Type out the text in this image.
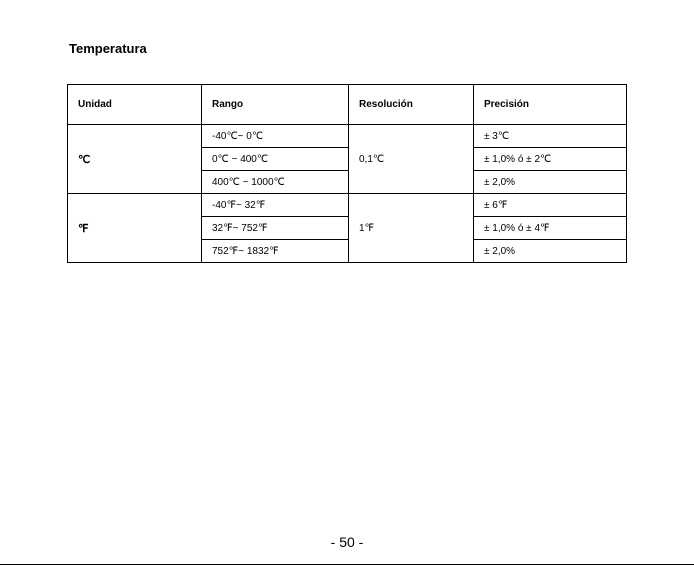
Temperatura
Unidad	Rango	Resolución	Precisión
℃	-40℃~ 0℃	0,1℃	± 3℃
	0℃ ~ 400℃		± 1,0% ó ± 2℃
	400℃ ~ 1000℃		± 2,0%
℉	-40℉~ 32℉	1℉	± 6℉
	32℉~ 752℉		± 1,0% ó ± 4℉
	752℉~ 1832℉		± 2,0%
- 50 -
